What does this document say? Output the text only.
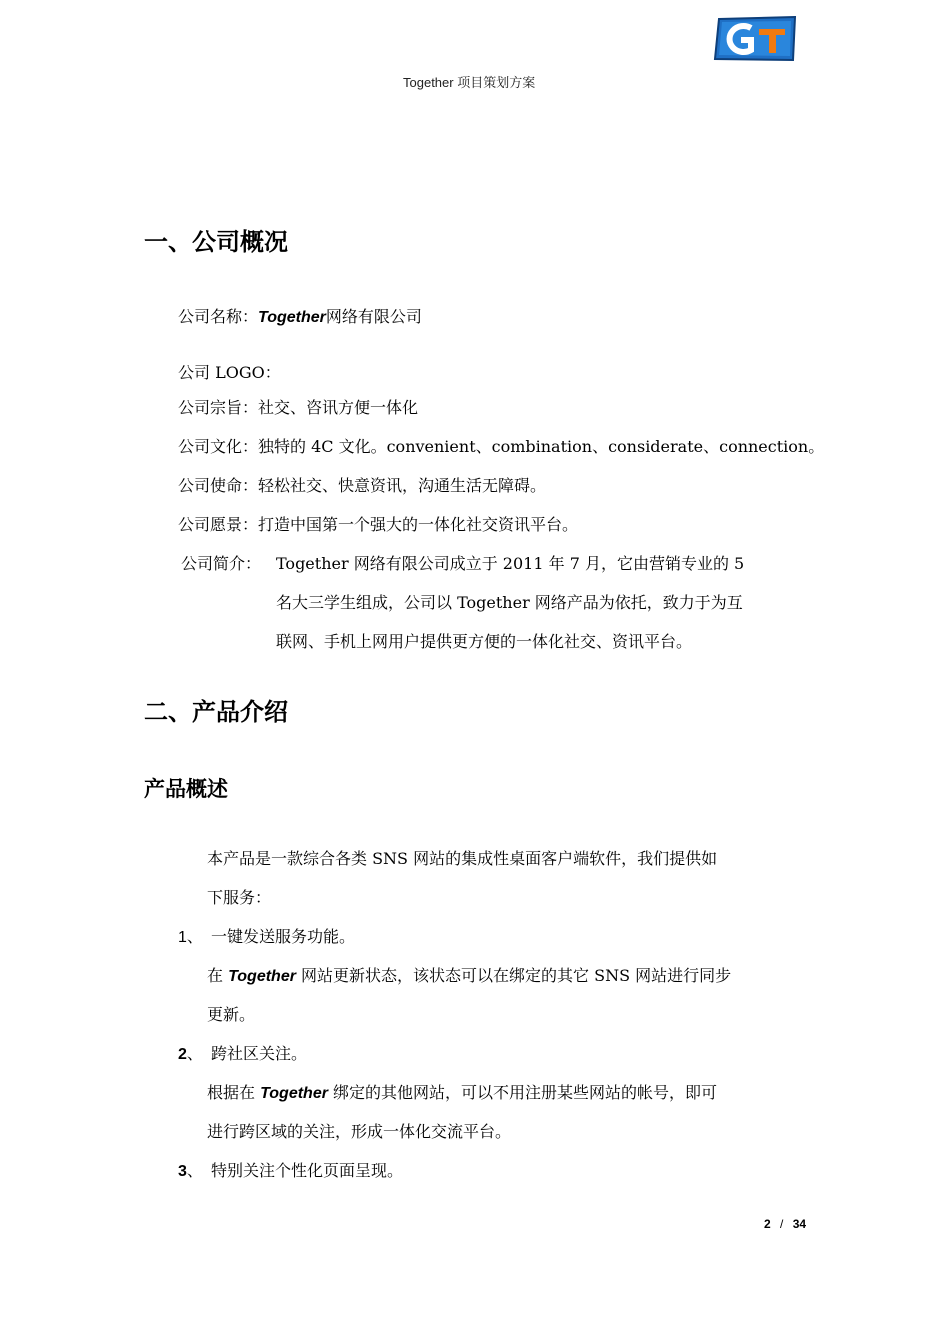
Together 项目策划方案
一、公司概况
公司名称：Together网络有限公司
公司 LOGO：
公司宗旨：社交、咨讯方便一体化
公司文化：独特的 4C 文化。convenient、combination、considerate、connection。
公司使命：轻松社交、快意资讯，沟通生活无障碍。
公司愿景：打造中国第一个强大的一体化社交资讯平台。
公司简介： Together 网络有限公司成立于 2011 年 7 月，它由营销专业的 5
名大三学生组成，公司以 Together 网络产品为依托，致力于为互
联网、手机上网用户提供更方便的一体化社交、资讯平台。
二、产品介绍
产品概述
本产品是一款综合各类 SNS 网站的集成性桌面客户端软件，我们提供如
下服务：
1、 一键发送服务功能。
在 Together 网站更新状态，该状态可以在绑定的其它 SNS 网站进行同步
更新。
2、 跨社区关注。
根据在 Together 绑定的其他网站，可以不用注册某些网站的帐号，即可
进行跨区域的关注，形成一体化交流平台。
3、 特别关注个性化页面呈现。
2 / 34
